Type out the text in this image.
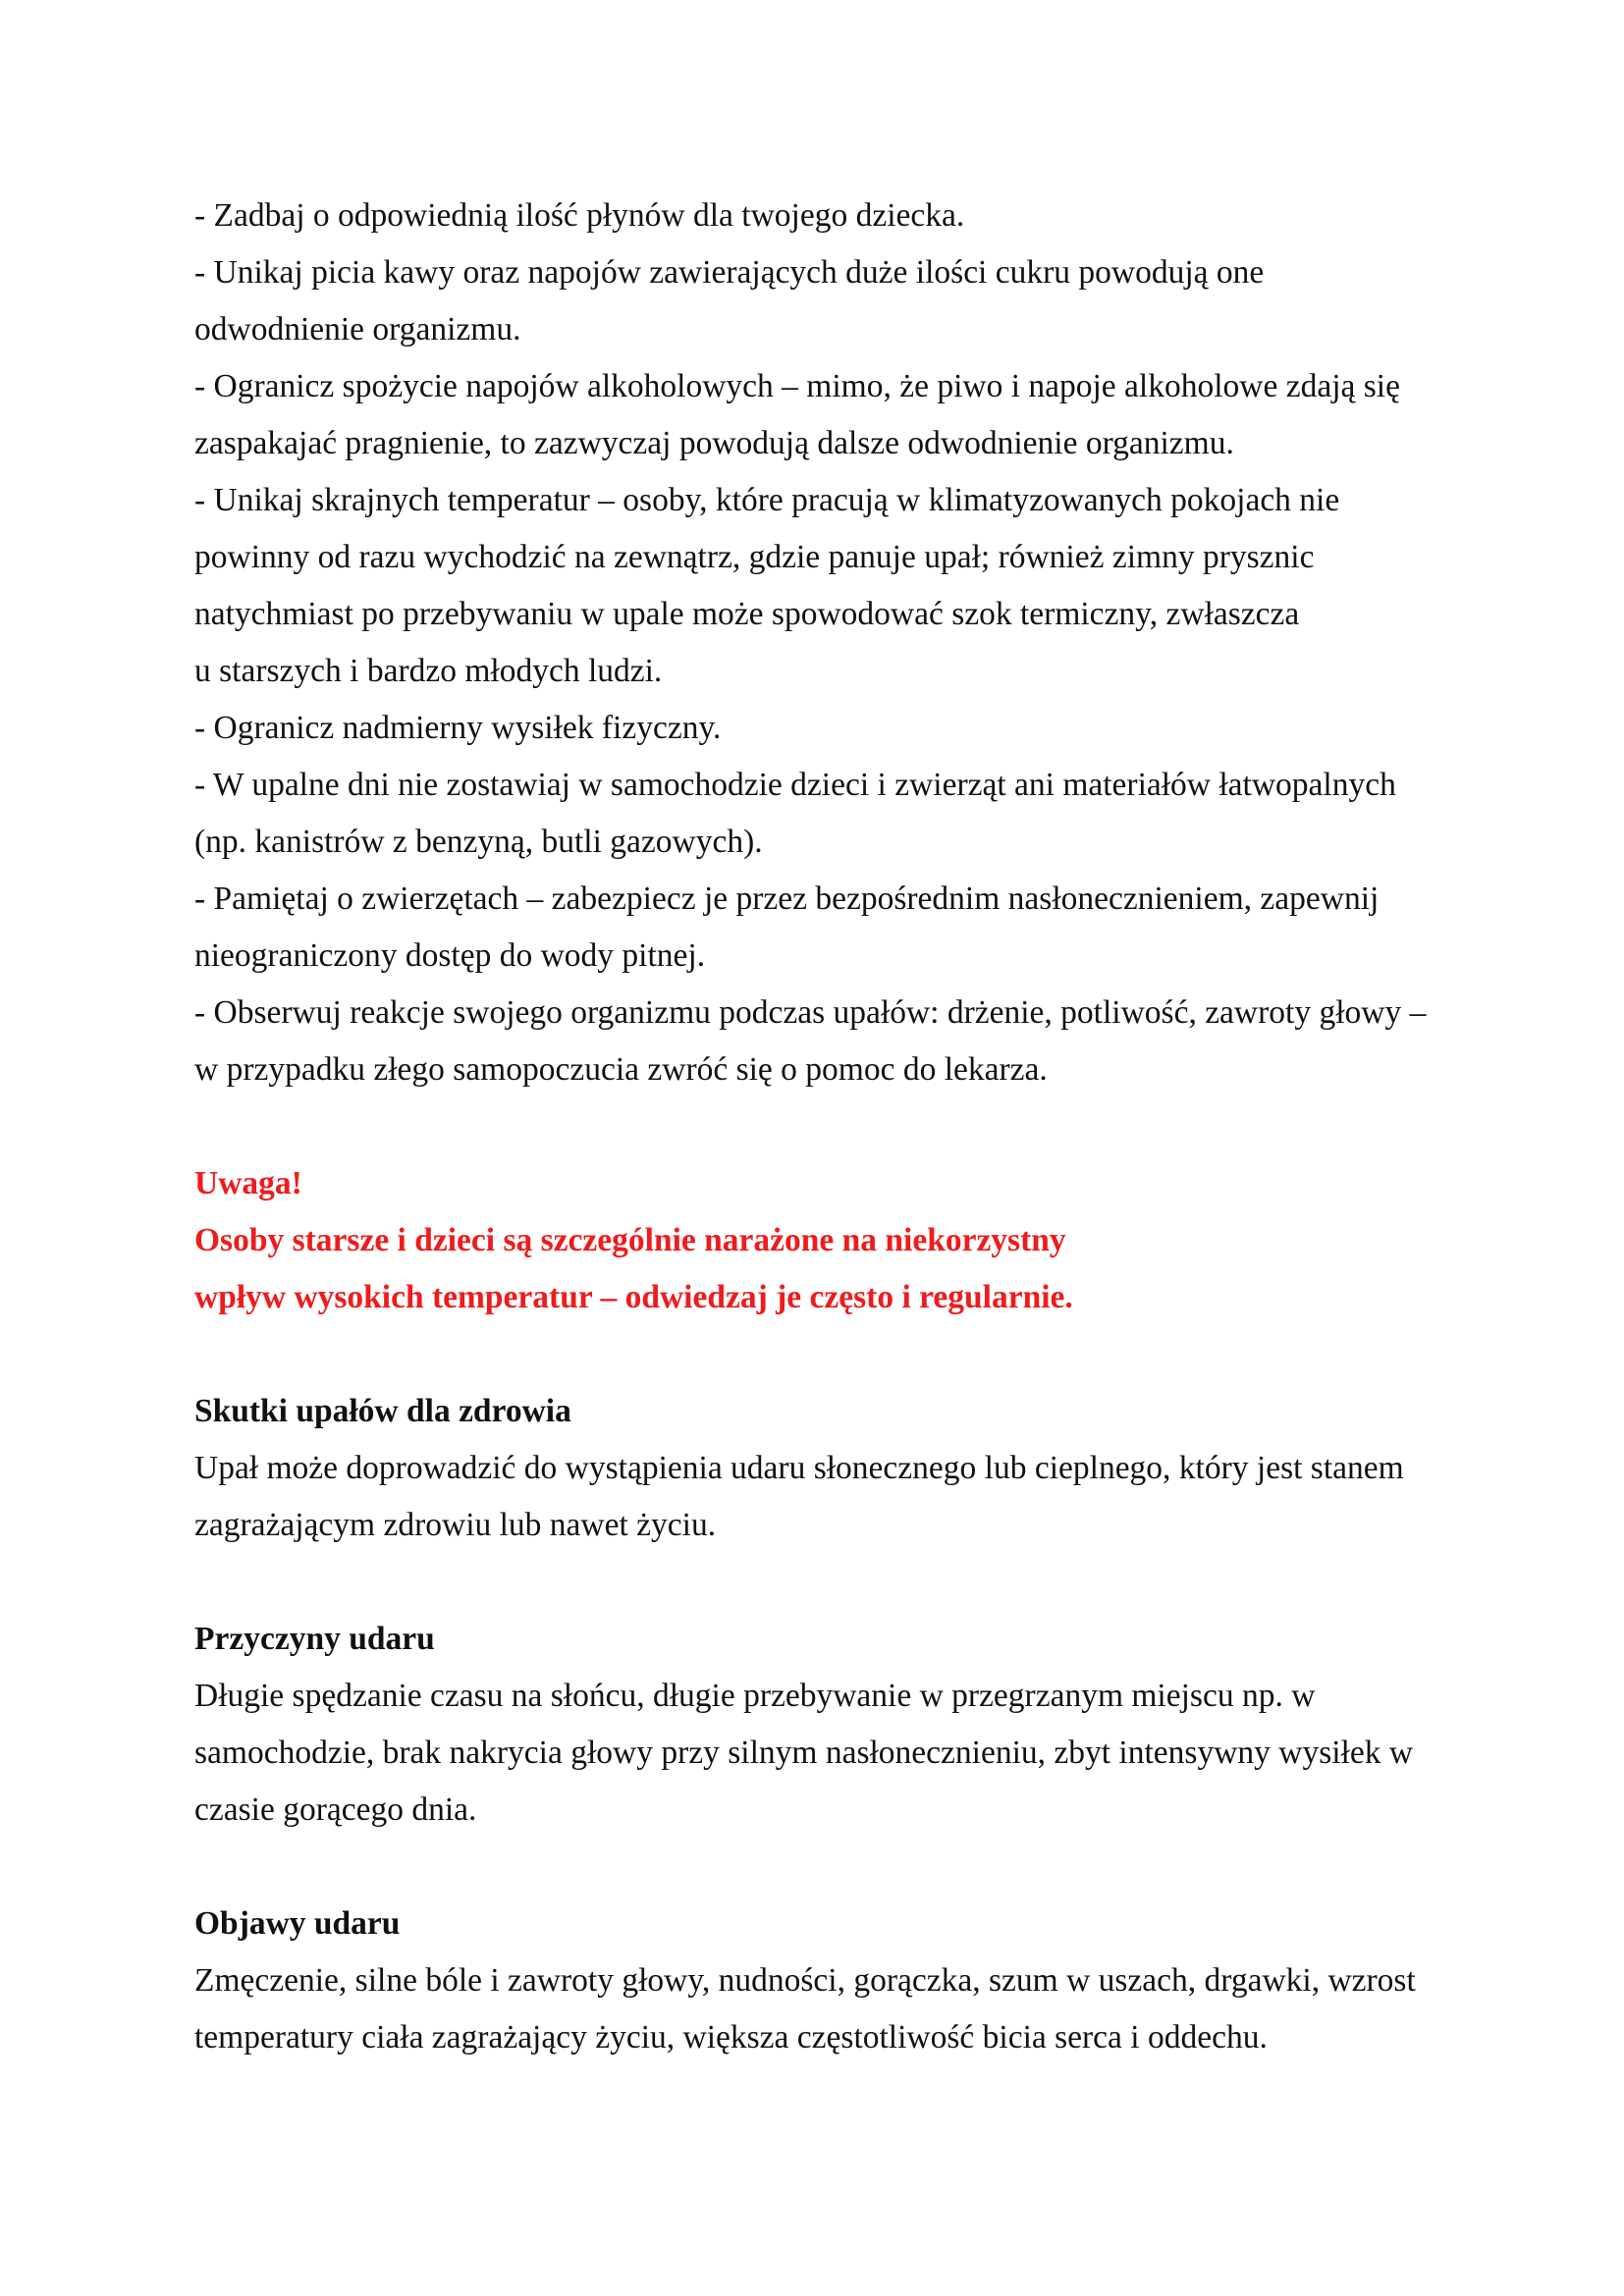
- Zadbaj o odpowiednią ilość płynów dla twojego dziecka.
- Unikaj picia kawy oraz napojów zawierających duże ilości cukru powodują one
odwodnienie organizmu.
- Ogranicz spożycie napojów alkoholowych – mimo, że piwo i napoje alkoholowe zdają się
zaspakajać pragnienie, to zazwyczaj powodują dalsze odwodnienie organizmu.
- Unikaj skrajnych temperatur – osoby, które pracują w klimatyzowanych pokojach nie
powinny od razu wychodzić na zewnątrz, gdzie panuje upał; również zimny prysznic
natychmiast po przebywaniu w upale może spowodować szok termiczny, zwłaszcza
u starszych i bardzo młodych ludzi.
- Ogranicz nadmierny wysiłek fizyczny.
- W upalne dni nie zostawiaj w samochodzie dzieci i zwierząt ani materiałów łatwopalnych
(np. kanistrów z benzyną, butli gazowych).
- Pamiętaj o zwierzętach – zabezpiecz je przez bezpośrednim nasłonecznieniem, zapewnij
nieograniczony dostęp do wody pitnej.
- Obserwuj reakcje swojego organizmu podczas upałów: drżenie, potliwość, zawroty głowy –
w przypadku złego samopoczucia zwróć się o pomoc do lekarza.
Uwaga!
Osoby starsze i dzieci są szczególnie narażone na niekorzystny
wpływ wysokich temperatur – odwiedzaj je często i regularnie.
Skutki upałów dla zdrowia
Upał może doprowadzić do wystąpienia udaru słonecznego lub cieplnego, który jest stanem
zagrażającym zdrowiu lub nawet życiu.
Przyczyny udaru
Długie spędzanie czasu na słońcu, długie przebywanie w przegrzanym miejscu np. w
samochodzie, brak nakrycia głowy przy silnym nasłonecznieniu, zbyt intensywny wysiłek w
czasie gorącego dnia.
Objawy udaru
Zmęczenie, silne bóle i zawroty głowy, nudności, gorączka, szum w uszach, drgawki, wzrost
temperatury ciała zagrażający życiu, większa częstotliwość bicia serca i oddechu.
